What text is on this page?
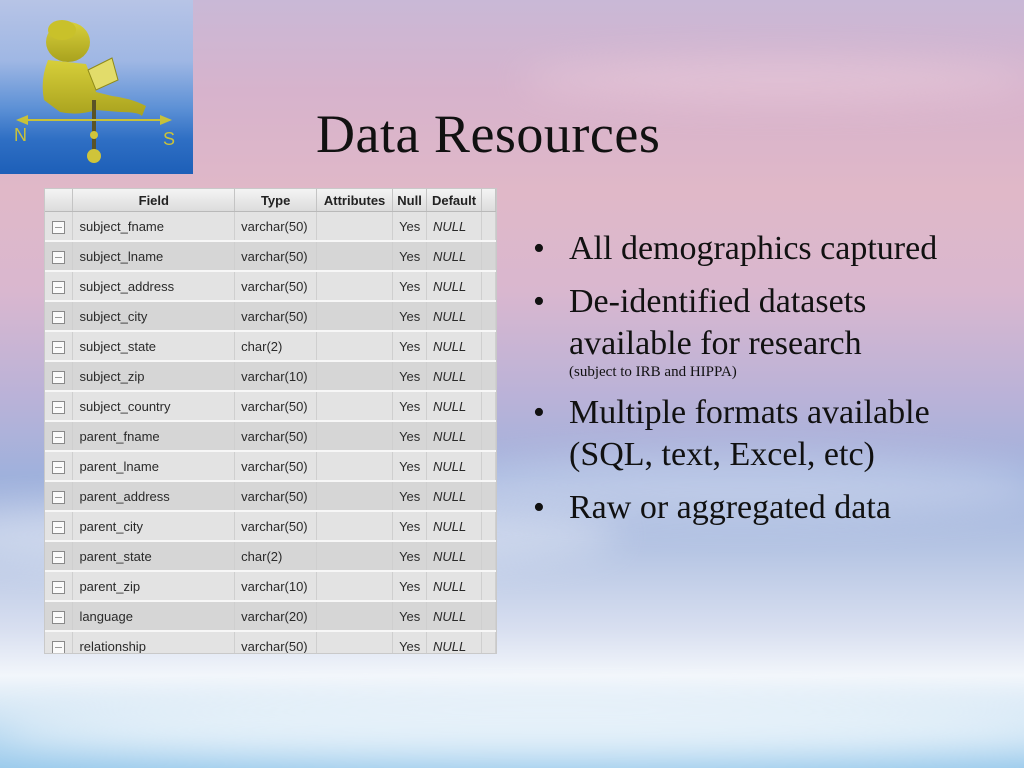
N	S	Data Resources
	Field	Type	Attributes	Null	Default	
	subject_fname	varchar(50)		Yes	NULL	
	subject_lname	varchar(50)		Yes	NULL	
	subject_address	varchar(50)		Yes	NULL	
	subject_city	varchar(50)		Yes	NULL	
	subject_state	char(2)		Yes	NULL	
	subject_zip	varchar(10)		Yes	NULL	
	subject_country	varchar(50)		Yes	NULL	
	parent_fname	varchar(50)		Yes	NULL	
	parent_lname	varchar(50)		Yes	NULL	
	parent_address	varchar(50)		Yes	NULL	
	parent_city	varchar(50)		Yes	NULL	
	parent_state	char(2)		Yes	NULL	
	parent_zip	varchar(10)		Yes	NULL	
	language	varchar(20)		Yes	NULL	
	relationship	varchar(50)		Yes	NULL	
• All demographics captured
• De-identified datasets available for research
(subject to IRB and HIPPA)
• Multiple formats available (SQL, text, Excel, etc)
• Raw or aggregated data
